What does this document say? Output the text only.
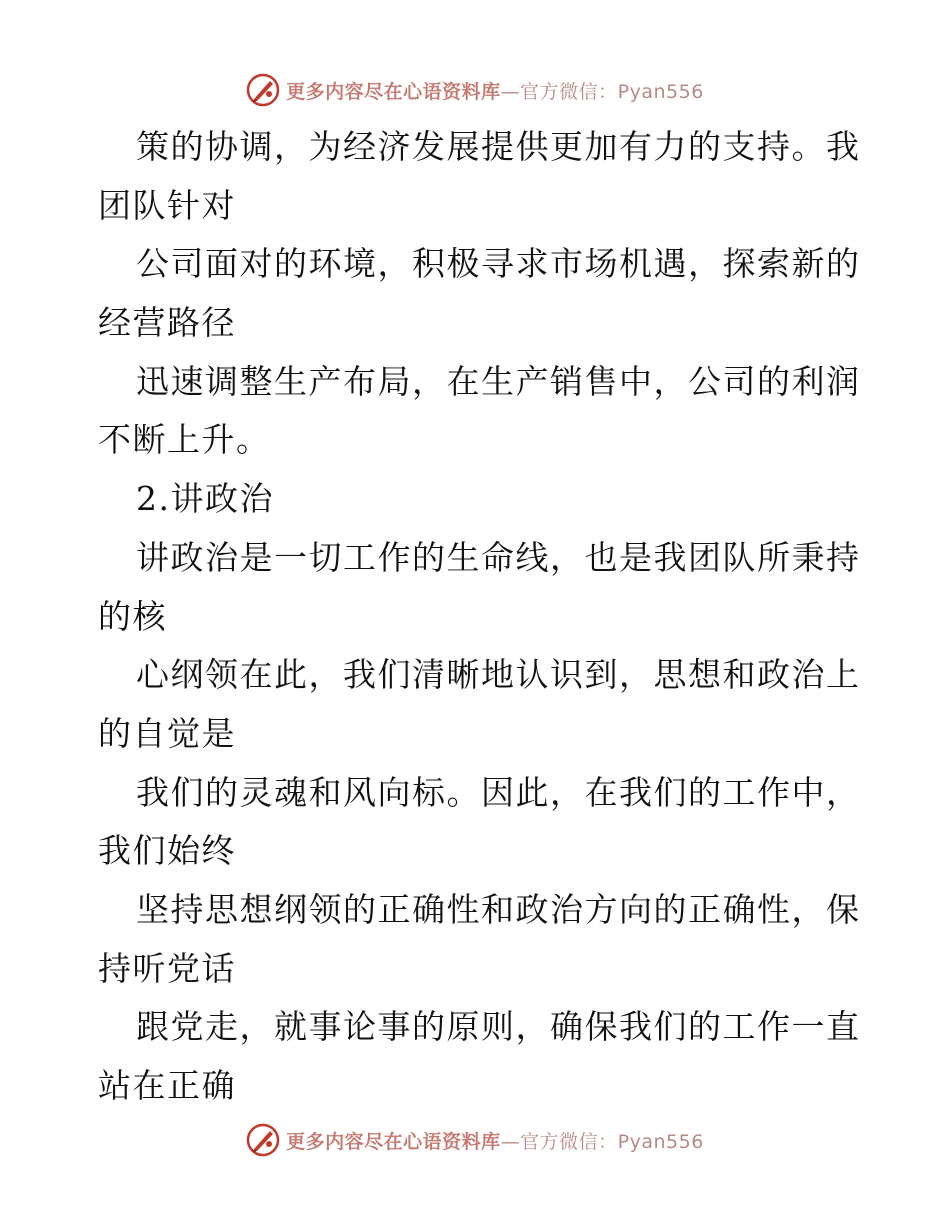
更多内容尽在心语资料库—官方微信：Pyan556
策的协调，为经济发展提供更加有力的支持。我
团队针对
公司面对的环境，积极寻求市场机遇，探索新的
经营路径
迅速调整生产布局，在生产销售中，公司的利润
不断上升。
2.讲政治
讲政治是一切工作的生命线，也是我团队所秉持
的核
心纲领在此，我们清晰地认识到，思想和政治上
的自觉是
我们的灵魂和风向标。因此，在我们的工作中，
我们始终
坚持思想纲领的正确性和政治方向的正确性，保
持听党话
跟党走，就事论事的原则，确保我们的工作一直
站在正确
更多内容尽在心语资料库—官方微信：Pyan556
